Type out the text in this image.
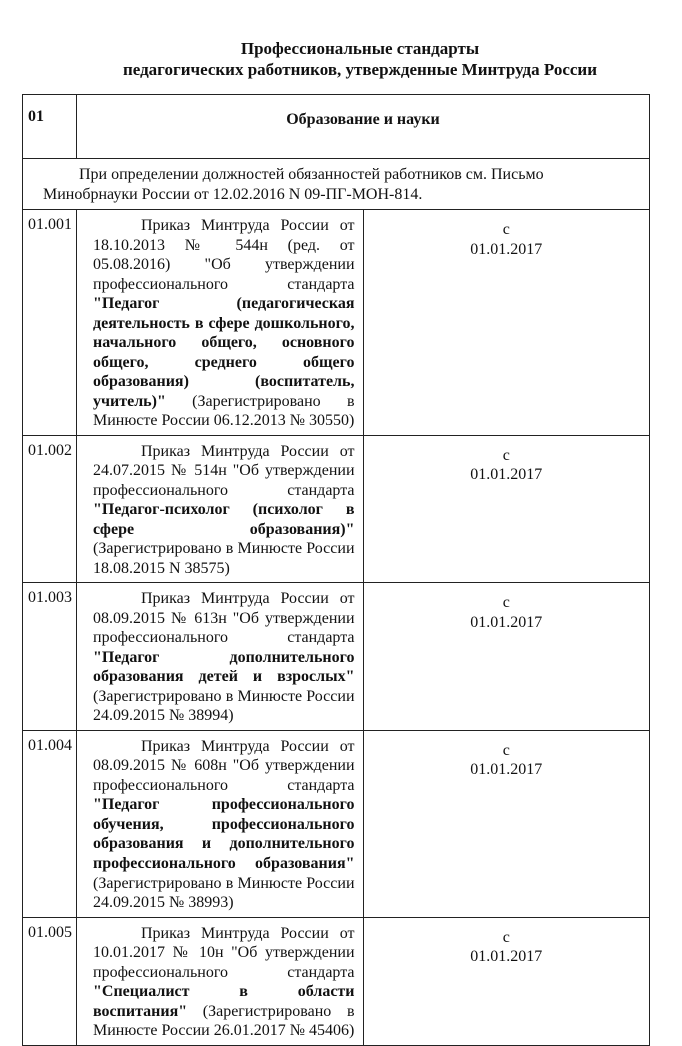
Профессиональные стандарты
педагогических работников, утвержденные Минтруда России
01	Образование и науки	
При определении должностей обязанностей работников см. Письмо Минобрнауки России от 12.02.2016 N 09-ПГ-МОН-814.		
01.001	Приказ Минтруда России от 18.10.2013 № 544н (ред. от 05.08.2016) "Об утверждении профессионального стандарта "Педагог (педагогическая деятельность в сфере дошкольного, начального общего, основного общего, среднего общего образования) (воспитатель, учитель)" (Зарегистрировано в Минюсте России 06.12.2013 № 30550)	с
01.01.2017

01.002	Приказ Минтруда России от 24.07.2015 № 514н "Об утверждении профессионального стандарта "Педагог-психолог (психолог в сфере образования)" (Зарегистрировано в Минюсте России 18.08.2015 N 38575)	с
01.01.2017

01.003	Приказ Минтруда России от 08.09.2015 № 613н "Об утверждении профессионального стандарта "Педагог дополнительного образования детей и взрослых" (Зарегистрировано в Минюсте России 24.09.2015 № 38994)	с
01.01.2017

01.004	Приказ Минтруда России от 08.09.2015 № 608н "Об утверждении профессионального стандарта "Педагог профессионального обучения, профессионального образования и дополнительного профессионального образования" (Зарегистрировано в Минюсте России 24.09.2015 № 38993)	с
01.01.2017

01.005	Приказ Минтруда России от 10.01.2017 № 10н "Об утверждении профессионального стандарта "Специалист в области воспитания" (Зарегистрировано в Минюсте России 26.01.2017 № 45406)	с
01.01.2017
